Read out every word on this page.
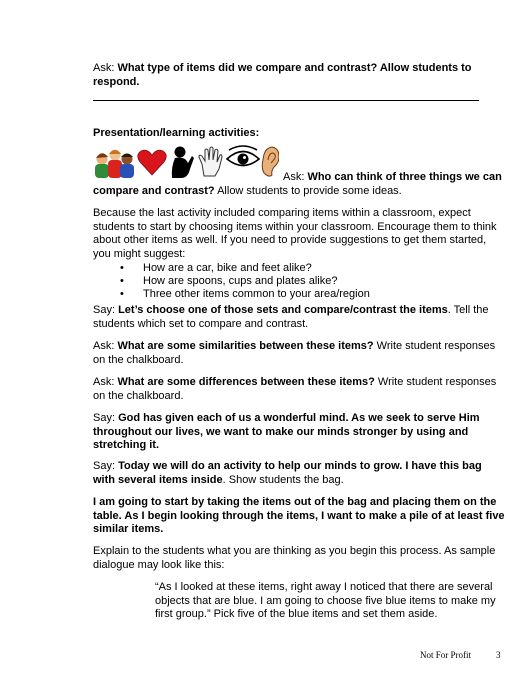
Ask: What type of items did we compare and contrast? Allow students to respond.

Presentation/learning activities:

Ask: Who can think of three things we can compare and contrast? Allow students to provide some ideas.

Because the last activity included comparing items within a classroom, expect students to start by choosing items within your classroom. Encourage them to think about other items as well. If you need to provide suggestions to get them started, you might suggest:

• How are a car, bike and feet alike?
• How are spoons, cups and plates alike?
• Three other items common to your area/region

Say: Let’s choose one of those sets and compare/contrast the items. Tell the students which set to compare and contrast.

Ask: What are some similarities between these items? Write student responses on the chalkboard.

Ask: What are some differences between these items? Write student responses on the chalkboard.

Say: God has given each of us a wonderful mind. As we seek to serve Him throughout our lives, we want to make our minds stronger by using and stretching it.

Say: Today we will do an activity to help our minds to grow. I have this bag with several items inside. Show students the bag.

I am going to start by taking the items out of the bag and placing them on the table. As I begin looking through the items, I want to make a pile of at least five similar items.

Explain to the students what you are thinking as you begin this process. As sample dialogue may look like this:

“As I looked at these items, right away I noticed that there are several objects that are blue. I am going to choose five blue items to make my first group.” Pick five of the blue items and set them aside.

Not For Profit	3
